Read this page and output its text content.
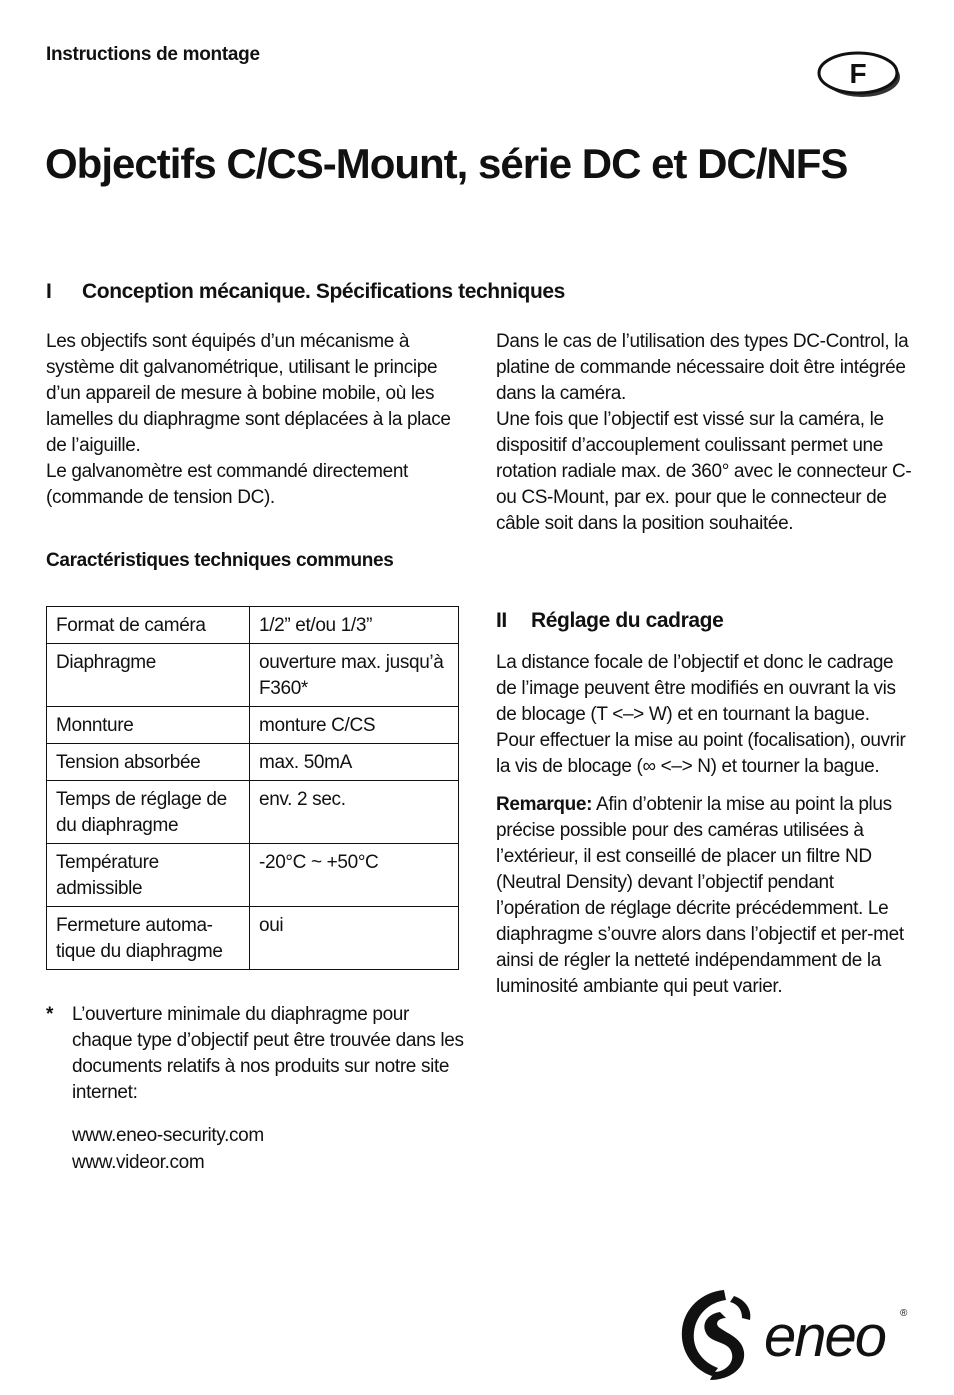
Instructions de montage
F
Objectifs C/CS-Mount, série DC et DC/NFS
I Conception mécanique. Spécifications techniques

Les objectifs sont équipés d’un mécanisme à système dit galvanométrique, utilisant le principe d’un appareil de mesure à bobine mobile, où les lamelles du diaphragme sont déplacées à la place de l’aiguille.

Le galvanomètre est commandé directement (commande de tension DC).

Dans le cas de l’utilisation des types DC-Control, la platine de commande nécessaire doit être intégrée dans la caméra.

Une fois que l’objectif est vissé sur la caméra, le dispositif d’accouplement coulissant permet une rotation radiale max. de 360° avec le connecteur C- ou CS-Mount, par ex. pour que le connecteur de câble soit dans la position souhaitée.

Caractéristiques techniques communes
Format de caméra	1/2” et/ou 1/3”
Diaphragme	ouverture max. jusqu’à F360*
Monnture	monture C/CS
Tension absorbée	max. 50mA
Temps de réglage de du diaphragme	env. 2 sec.
Température admissible	-20°C ~ +50°C
Fermeture automa-tique du diaphragme	oui
* L’ouverture minimale du diaphragme pour chaque type d’objectif peut être trouvée dans les documents relatifs à nos produits sur notre site internet:
www.eneo-security.com
www.videor.com
II Réglage du cadrage

La distance focale de l’objectif et donc le cadrage de l’image peuvent être modifiés en ouvrant la vis de blocage (T <–> W) et en tournant la bague.

Pour effectuer la mise au point (focalisation), ouvrir la vis de blocage (∞ <–> N) et tourner la bague.

Remarque: Afin d’obtenir la mise au point la plus précise possible pour des caméras utilisées à l’extérieur, il est conseillé de placer un filtre ND (Neutral Density) devant l’objectif pendant l’opération de réglage décrite précédemment. Le diaphragme s’ouvre alors dans l’objectif et per-met ainsi de régler la netteté indépendamment de la luminosité ambiante qui peut varier.

eneo ®
